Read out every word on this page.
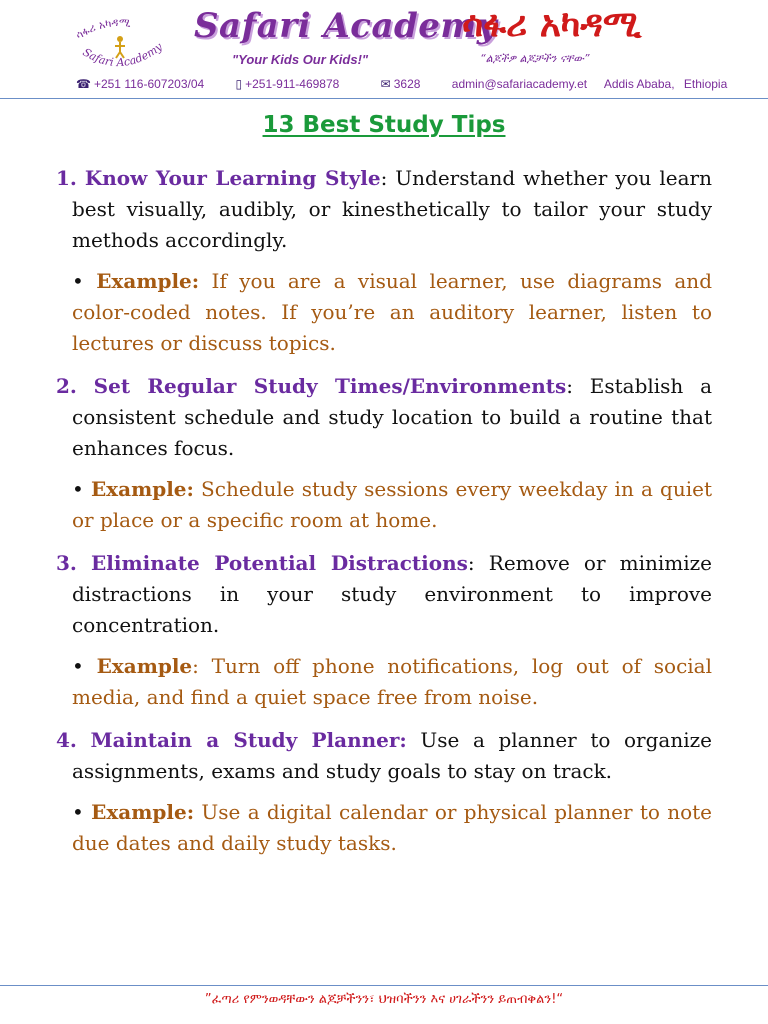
ሳፋሪ አካዳሚ
Safari Academy
Safari Academy
ሳፋሪ አካዳሚ
"Your Kids Our Kids!"	“ልጆችዎ ልጆቻችን ናቸው”
☎ +251 116-607203/04	▯ +251-911-469878	✉ 3628	admin@safariacademy.et Addis Ababa, Ethiopia
13 Best Study Tips

1. Know Your Learning Style: Understand whether you learn best visually, audibly, or kinesthetically to tailor your study methods accordingly.

• Example: If you are a visual learner, use diagrams and color-coded notes. If you’re an auditory learner, listen to lectures or discuss topics.

2. Set Regular Study Times/Environments: Establish a consistent schedule and study location to build a routine that enhances focus.

• Example: Schedule study sessions every weekday in a quiet or place or a specific room at home.

3. Eliminate Potential Distractions: Remove or minimize distractions in your study environment to improve concentration.

• Example: Turn off phone notifications, log out of social media, and find a quiet space free from noise.

4. Maintain a Study Planner: Use a planner to organize assignments, exams and study goals to stay on track.

• Example: Use a digital calendar or physical planner to note due dates and daily study tasks.

”ፈጣሪ የምንወዳቸውን ልጆቻችንን፣ ህዝባችንን እና ሀገራችንን ይጠብቅልን!“
